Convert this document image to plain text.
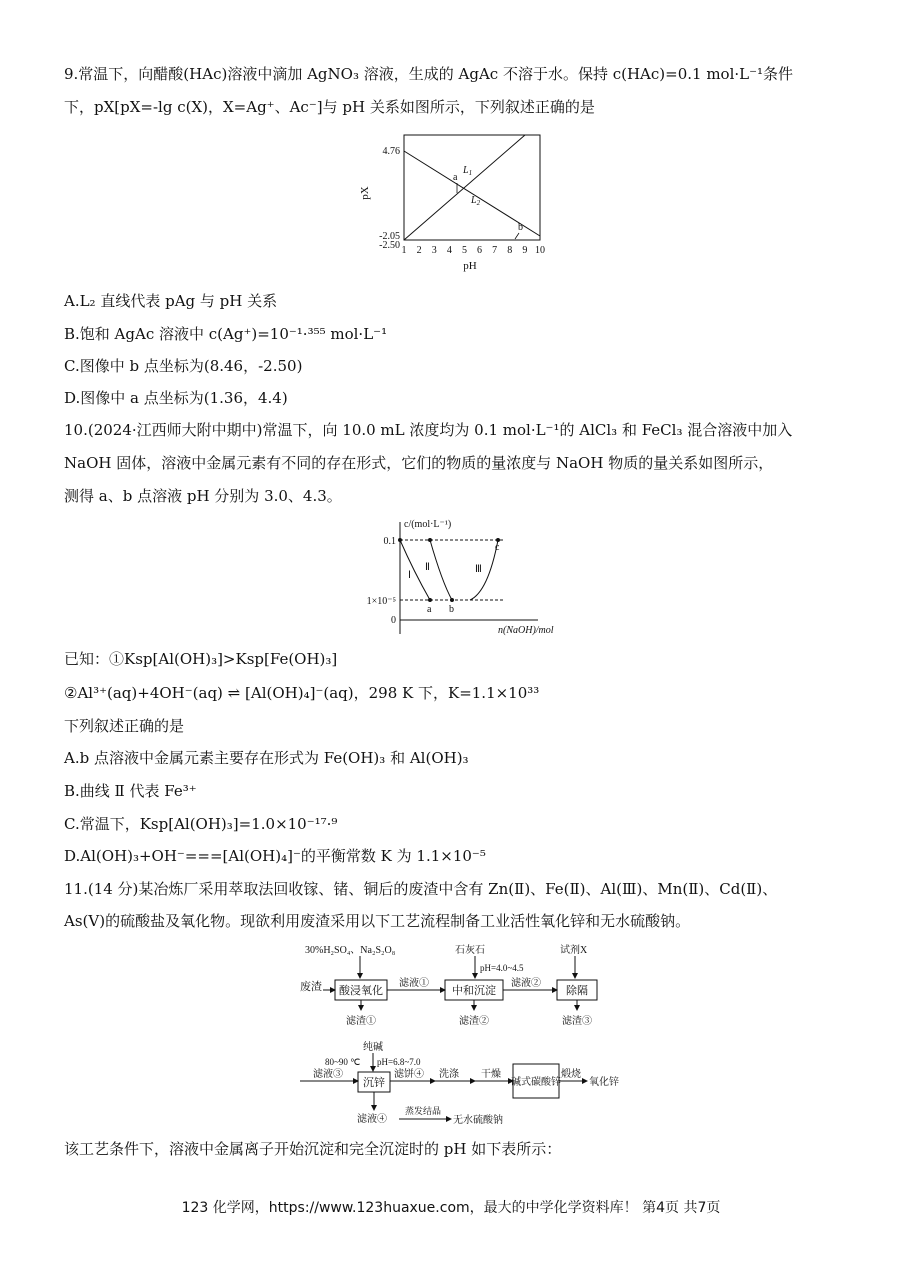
9.常温下，向醋酸(HAc)溶液中滴加 AgNO₃ 溶液，生成的 AgAc 不溶于水。保持 c(HAc)=0.1 mol·L⁻¹条件
下，pX[pX=-lg c(X)，X=Ag⁺、Ac⁻]与 pH 关系如图所示，下列叙述正确的是
pX
4.76
-2.05
-2.50 1 2 3 4 5 6 7 8 9 10
pH
$L_1$
$L_2$
a
b
A.L₂ 直线代表 pAg 与 pH 关系
B.饱和 AgAc 溶液中 c(Ag⁺)=10⁻¹·³⁵⁵ mol·L⁻¹
C.图像中 b 点坐标为(8.46，-2.50)
D.图像中 a 点坐标为(1.36，4.4)
10.(2024·江西师大附中期中)常温下，向 10.0 mL 浓度均为 0.1 mol·L⁻¹的 AlCl₃ 和 FeCl₃ 混合溶液中加入
NaOH 固体，溶液中金属元素有不同的存在形式，它们的物质的量浓度与 NaOH 物质的量关系如图所示，
测得 a、b 点溶液 pH 分别为 3.0、4.3。
c/(mol·L⁻¹)
n(NaOH)/mol
0.1
1×10⁻⁵
0
Ⅰ
Ⅱ	Ⅲ
a b
c
已知：①Ksp[Al(OH)₃]>Ksp[Fe(OH)₃]
②Al³⁺(aq)+4OH⁻(aq) ⇌ [Al(OH)₄]⁻(aq)，298 K 下，K=1.1×10³³
下列叙述正确的是
A.b 点溶液中金属元素主要存在形式为 Fe(OH)₃ 和 Al(OH)₃
B.曲线 Ⅱ 代表 Fe³⁺
C.常温下，Ksp[Al(OH)₃]=1.0×10⁻¹⁷·⁹
D.Al(OH)₃+OH⁻===[Al(OH)₄]⁻的平衡常数 K 为 1.1×10⁻⁵
11.(14 分)某冶炼厂采用萃取法回收镓、锗、铜后的废渣中含有 Zn(Ⅱ)、Fe(Ⅱ)、Al(Ⅲ)、Mn(Ⅱ)、Cd(Ⅱ)、
As(Ⅴ)的硫酸盐及氧化物。现欲利用废渣采用以下工艺流程制备工业活性氧化锌和无水硫酸钠。
30%H₂SO₄、Na₂S₂O₈	石灰石	试剂X
pH=4.0~4.5
废渣 酸浸氧化
滤液①
中和沉淀
滤液②
除隔
滤渣①	滤渣②	滤渣③
纯碱
80~90 ℃ pH=6.8~7.0
滤液③
沉锌
滤饼④ 洗涤 干燥
碱式碳酸锌
煅烧
氧化锌
滤液④
蒸发结晶
无水硫酸钠
该工艺条件下，溶液中金属离子开始沉淀和完全沉淀时的 pH 如下表所示：
123 化学网，https://www.123huaxue.com，最大的中学化学资料库！ 第4页 共7页
